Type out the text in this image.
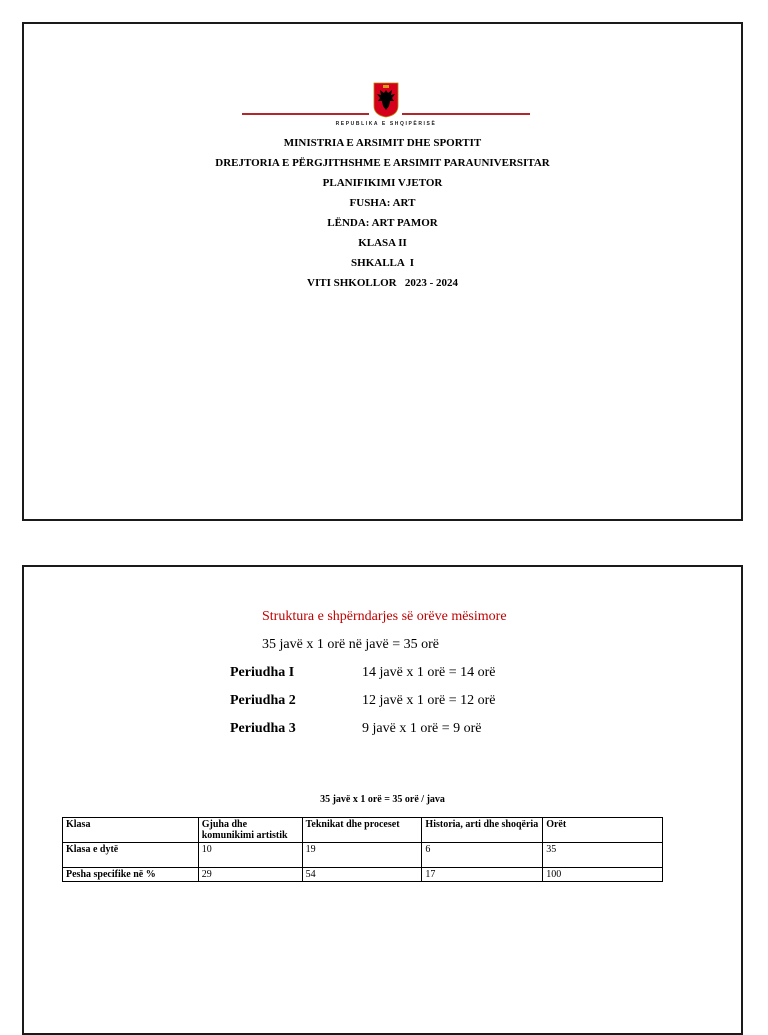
REPUBLIKA E SHQIPËRISË
MINISTRIA E ARSIMIT DHE SPORTIT
DREJTORIA E PËRGJITHSHME E ARSIMIT PARAUNIVERSITAR
PLANIFIKIMI VJETOR
FUSHA: ART
LËNDA: ART PAMOR
KLASA II
SHKALLA  I
VITI SHKOLLOR   2023 - 2024
Struktura e shpërndarjes së orëve mësimore
35 javë x 1 orë në javë = 35 orë
Periudha I	14 javë x 1 orë = 14 orë
Periudha 2	12 javë x 1 orë = 12 orë
Periudha 3	9 javë x 1 orë = 9 orë
35 javë x 1 orë = 35 orë / java
Klasa	Gjuha dhe komunikimi artistik	Teknikat dhe proceset	Historia, arti dhe shoqëria	Orët
Klasa e dytë	10	19	6	35
Pesha specifike në %	29	54	17	100
